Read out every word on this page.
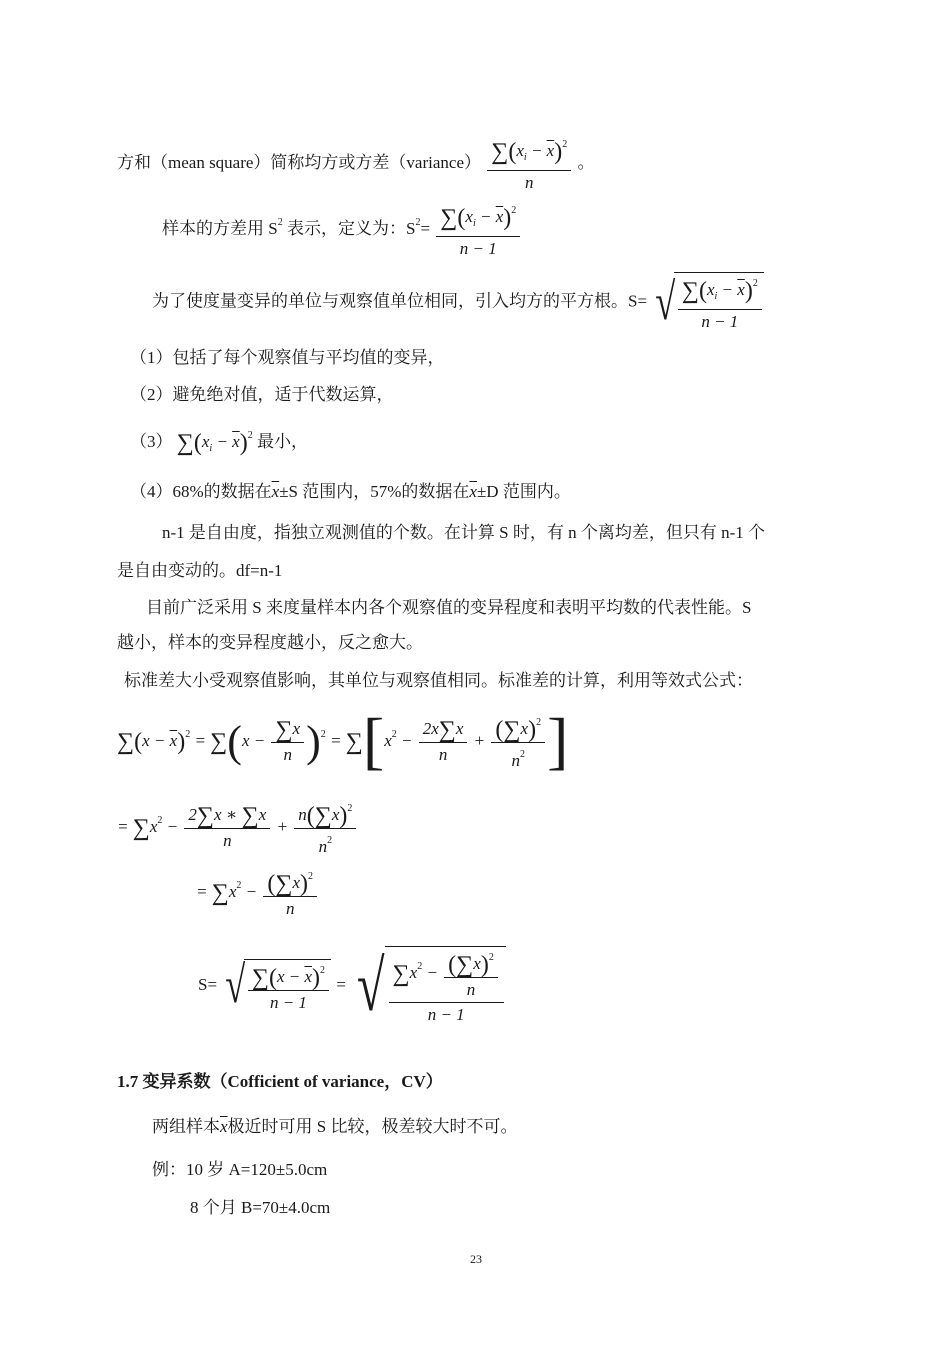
方和（mean square）简称均方或方差（variance） $\frac{\sum(x_i - \overline{x})^2}{n}$ 。
样本的方差用 $S^2$ 表示，定义为：$S^2= \frac{\sum(x_i - \overline{x})^2}{n - 1}$
为了使度量变异的单位与观察值单位相同，引入均方的平方根。S= √ $\frac{\sum(x_i - \overline{x})^2}{n - 1}$
（1）包括了每个观察值与平均值的变异，
（2）避免绝对值，适于代数运算，
（3） $\sum(x_i - \overline{x})^2$ 最小，
（4）68%的数据在$\overline{x}\pm S$ 范围内，57%的数据在$\overline{x}\pm D$ 范围内。
n-1 是自由度，指独立观测值的个数。在计算 S 时，有 n 个离均差，但只有 n-1 个
是自由变动的。df=n-1
目前广泛采用 S 来度量样本内各个观察值的变异程度和表明平均数的代表性能。S
越小，样本的变异程度越小，反之愈大。
标准差大小受观察值影响，其单位与观察值相同。标准差的计算，利用等效式公式：
$\sum(x - \overline{x})^2 = \sum(x - \frac{\sum x}{n} )^2 = \sum[x^2 - \frac{2x\sum x}{n} + \frac{(\sum x)^2}{n^2}$ ]
= $\sum x^2 - \frac{2\sum x ∗ \sum x}{n} + \frac{n(\sum x)^2}{n^2}$
= $\sum x^2 - \frac{(\sum x)^2}{n}$
S= √ $\frac{\sum(x - \overline{x})^2}{n - 1}$ = √ $\frac{\sum x^2 - \frac{(\sum x)^2}{n}}{n - 1}$
1.7 变异系数（Cofficient of variance，CV）
两组样本$\overline{x}$极近时可用 S 比较，极差较大时不可。
例：10 岁 A=120±5.0cm
8 个月 B=70±4.0cm
23
